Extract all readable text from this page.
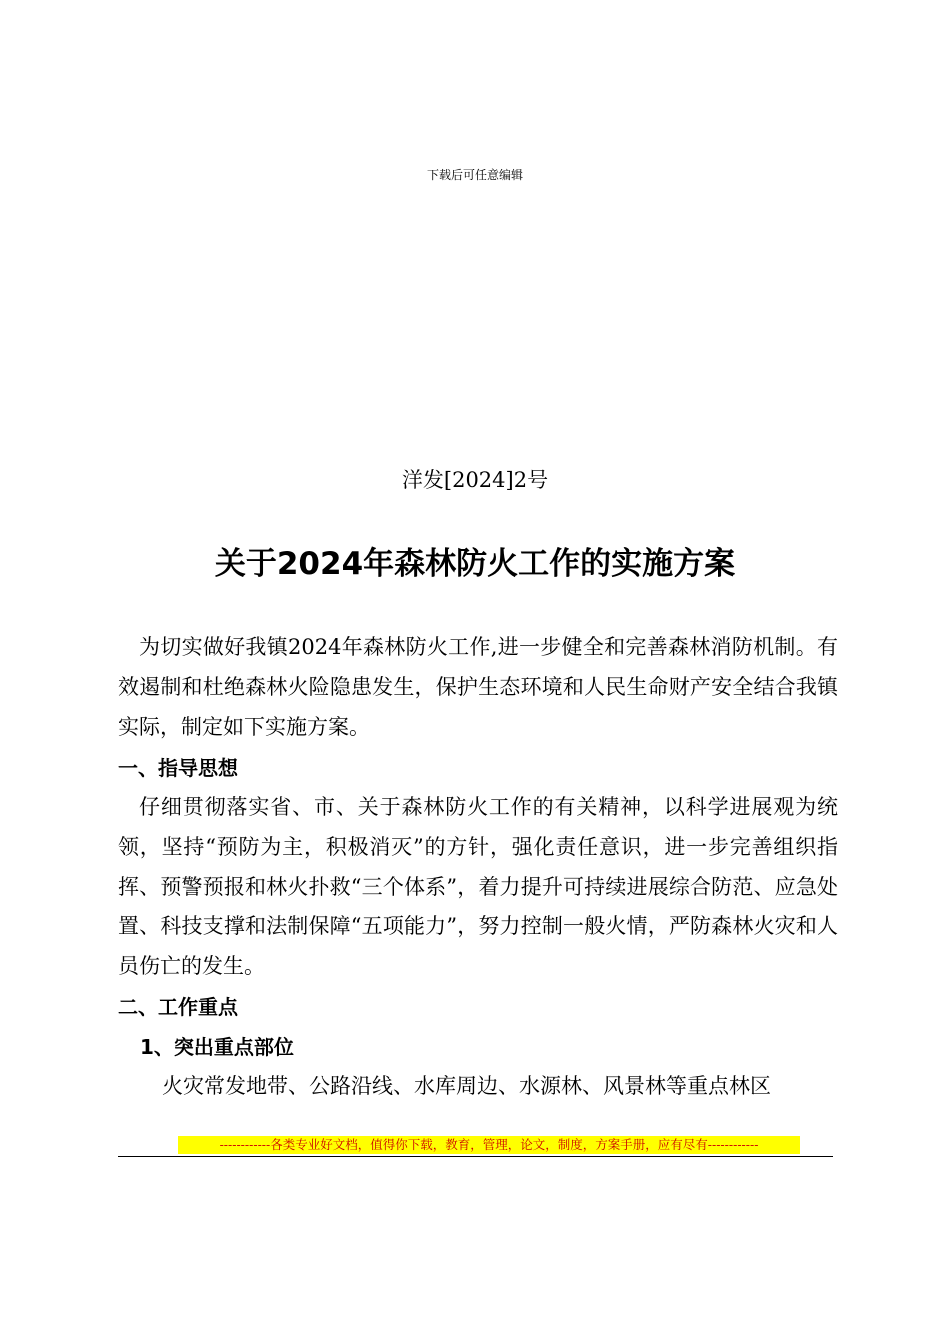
下载后可任意编辑
洋发[2024]2号
关于2024年森林防火工作的实施方案

为切实做好我镇2024年森林防火工作,进一步健全和完善森林消防机制。有效遏制和杜绝森林火险隐患发生，保护生态环境和人民生命财产安全结合我镇实际，制定如下实施方案。

一、指导思想

仔细贯彻落实省、市、关于森林防火工作的有关精神，以科学进展观为统领，坚持“预防为主，积极消灭”的方针，强化责任意识，进一步完善组织指挥、预警预报和林火扑救“三个体系”，着力提升可持续进展综合防范、应急处置、科技支撑和法制保障“五项能力”，努力控制一般火情，严防森林火灾和人员伤亡的发生。

二、工作重点

1、突出重点部位

火灾常发地带、公路沿线、水库周边、水源林、风景林等重点林区

------------各类专业好文档，值得你下载，教育，管理，论文，制度，方案手册，应有尽有------------
